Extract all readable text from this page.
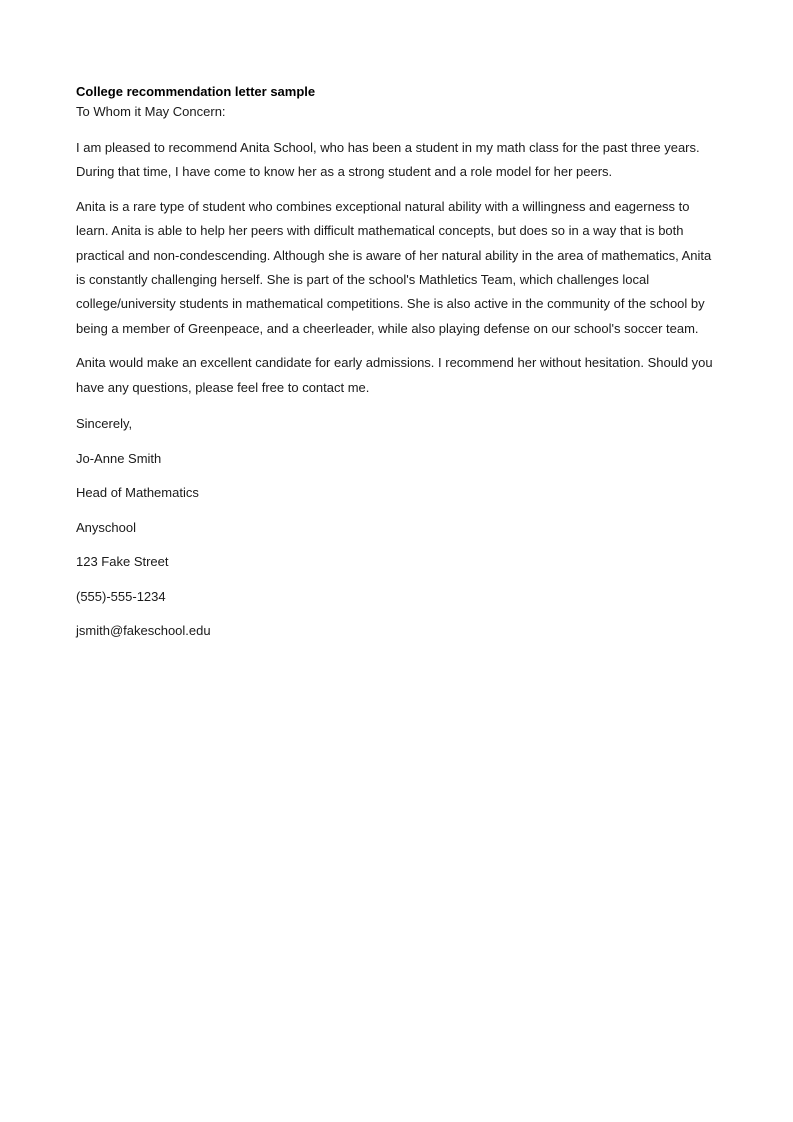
College recommendation letter sample

To Whom it May Concern:

I am pleased to recommend Anita School, who has been a student in my math class for the past three years. During that time, I have come to know her as a strong student and a role model for her peers.

Anita is a rare type of student who combines exceptional natural ability with a willingness and eagerness to learn. Anita is able to help her peers with difficult mathematical concepts, but does so in a way that is both practical and non-condescending. Although she is aware of her natural ability in the area of mathematics, Anita is constantly challenging herself. She is part of the school's Mathletics Team, which challenges local college/university students in mathematical competitions. She is also active in the community of the school by being a member of Greenpeace, and a cheerleader, while also playing defense on our school's soccer team.

Anita would make an excellent candidate for early admissions. I recommend her without hesitation. Should you have any questions, please feel free to contact me.

Sincerely,

Jo-Anne Smith

Head of Mathematics

Anyschool

123 Fake Street

(555)-555-1234

jsmith@fakeschool.edu
